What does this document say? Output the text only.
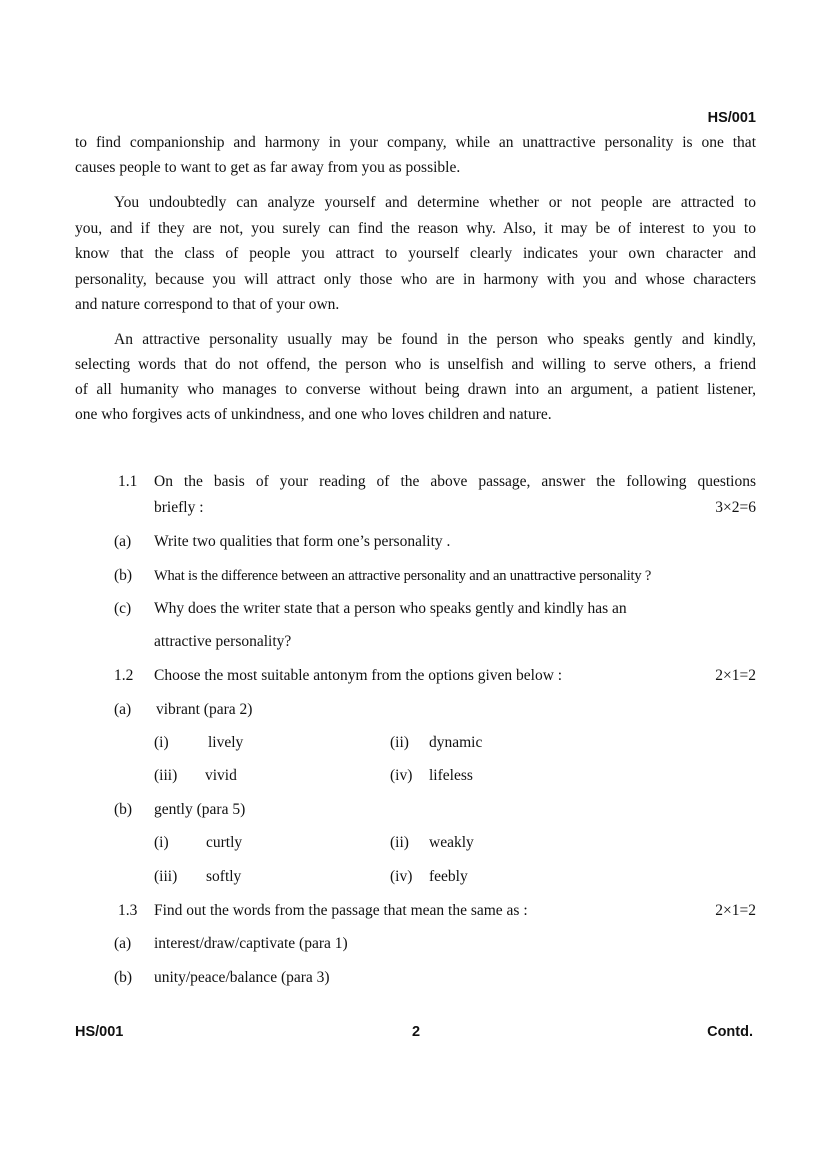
HS/001
to find companionship and harmony in your company, while an unattractive personality is one that
causes people to want to get as far away from you as possible.
You undoubtedly can analyze yourself and determine whether or not people are attracted to
you, and if they are not, you surely can find the reason why. Also, it may be of interest to you to
know that the class of people you attract to yourself clearly indicates your own character and
personality, because you will attract only those who are in harmony with you and whose characters
and nature correspond to that of your own.
An attractive personality usually may be found in the person who speaks gently and kindly,
selecting words that do not offend, the person who is unselfish and willing to serve others, a friend
of all humanity who manages to converse without being drawn into an argument, a patient listener,
one who forgives acts of unkindness, and one who loves children and nature.
1.1 On the basis of your reading of the above passage, answer the following questions
briefly :	3×2=6
(a) Write two qualities that form one’s personality .
(b) What is the difference between an attractive personality and an unattractive personality ?
(c) Why does the writer state that a person who speaks gently and kindly has an
attractive personality?
1.2 Choose the most suitable antonym from the options given below :	2×1=2
(a) vibrant (para 2)
(i)	lively	(ii) dynamic
(iii) vivid	(iv) lifeless
(b) gently (para 5)
(i) curtly	(ii) weakly
(iii) softly	(iv) feebly
1.3 Find out the words from the passage that mean the same as :	2×1=2
(a) interest/draw/captivate (para 1)
(b) unity/peace/balance (para 3)
HS/001	2	Contd.
